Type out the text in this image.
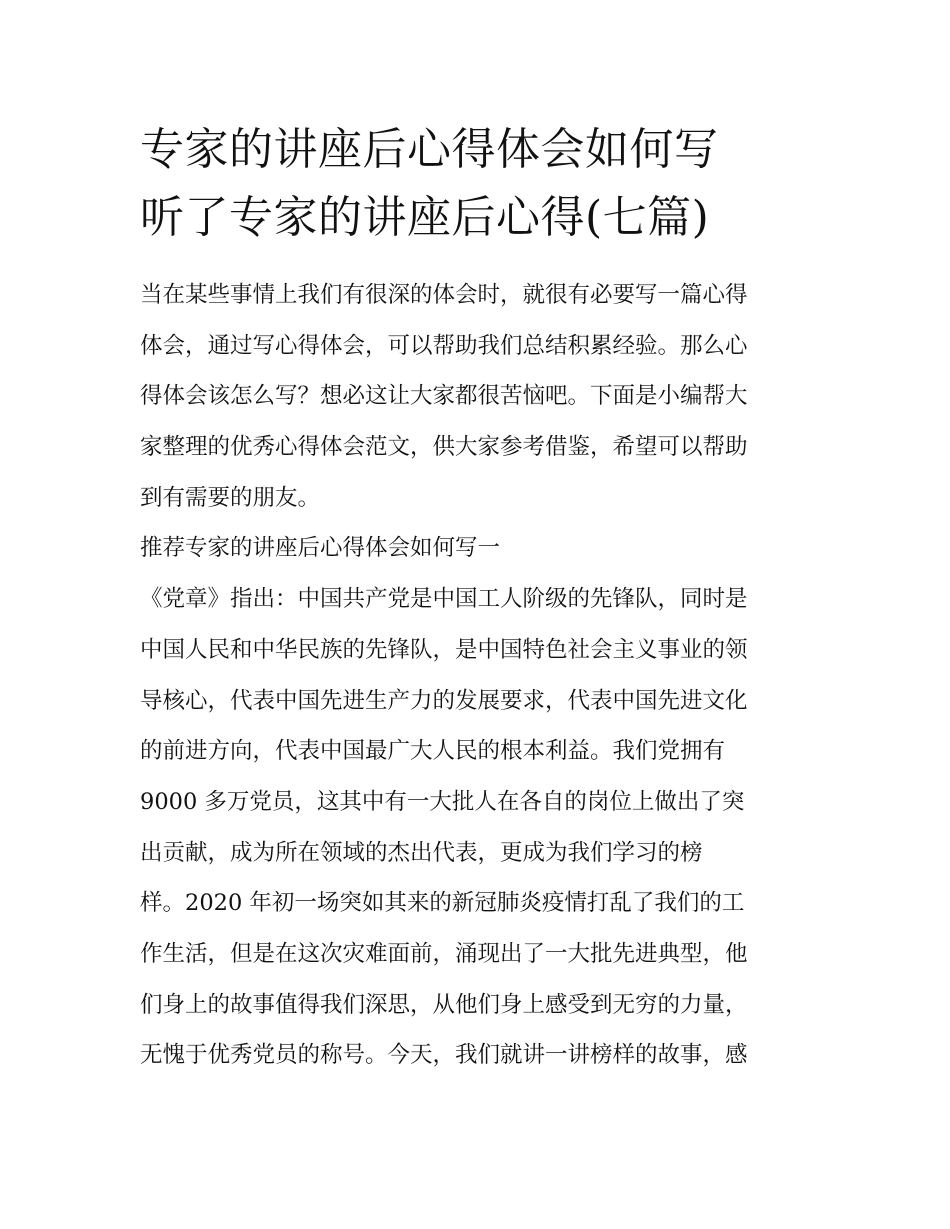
专家的讲座后心得体会如何写
听了专家的讲座后心得(七篇)
当在某些事情上我们有很深的体会时，就很有必要写一篇心得
体会，通过写心得体会，可以帮助我们总结积累经验。那么心
得体会该怎么写？想必这让大家都很苦恼吧。下面是小编帮大
家整理的优秀心得体会范文，供大家参考借鉴，希望可以帮助
到有需要的朋友。
推荐专家的讲座后心得体会如何写一
《党章》指出：中国共产党是中国工人阶级的先锋队，同时是
中国人民和中华民族的先锋队，是中国特色社会主义事业的领
导核心，代表中国先进生产力的发展要求，代表中国先进文化
的前进方向，代表中国最广大人民的根本利益。我们党拥有
9000 多万党员，这其中有一大批人在各自的岗位上做出了突
出贡献，成为所在领域的杰出代表，更成为我们学习的榜
样。2020 年初一场突如其来的新冠肺炎疫情打乱了我们的工
作生活，但是在这次灾难面前，涌现出了一大批先进典型，他
们身上的故事值得我们深思，从他们身上感受到无穷的力量，
无愧于优秀党员的称号。今天，我们就讲一讲榜样的故事，感
